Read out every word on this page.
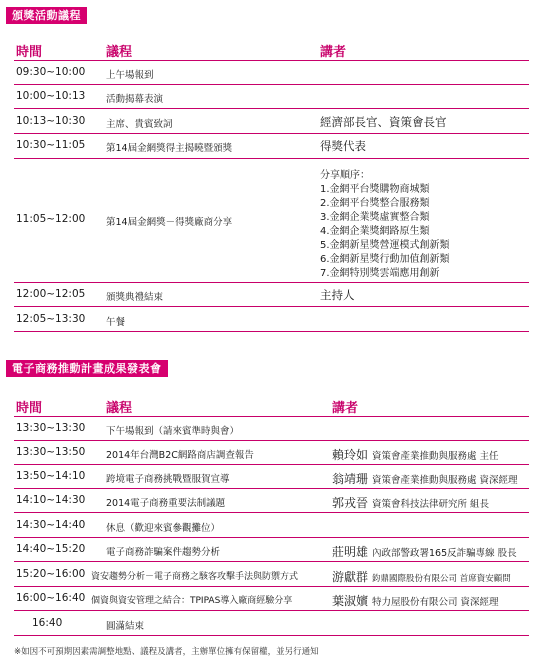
頒獎活動議程
時間	議程	講者
09:30~10:00 上午場報到
10:00~10:13 活動揭幕表演
10:13~10:30 主席、貴賓致詞	經濟部長官、資策會長官
10:30~11:05 第14屆金網獎得主揭曉暨頒獎	得獎代表
11:05~12:00 第14屆金網獎－得獎廠商分享
分享順序：
1.金網平台獎購物商城類
2.金網平台獎整合服務類
3.金網企業獎虛實整合類
4.金網企業獎網路原生類
5.金網新星獎營運模式創新類
6.金網新星獎行動加值創新類
7.金網特別獎雲端應用創新
12:00~12:05 頒獎典禮結束	主持人
12:05~13:30 午餐
電子商務推動計畫成果發表會
時間	議程	講者
13:30~13:30 下午場報到（請來賓準時與會）
13:30~13:50 2014年台灣B2C網路商店調查報告	賴玲如 資策會產業推動與服務處 主任
13:50~14:10 跨境電子商務挑戰暨服賀宣導	翁靖珊 資策會產業推動與服務處 資深經理
14:10~14:30 2014電子商務重要法制議題	郭戎晉 資策會科技法律研究所 組長
14:30~14:40 休息（歡迎來賓參觀攤位）
14:40~15:20 電子商務詐騙案件趨勢分析	莊明雄 內政部警政署165反詐騙專線 股長
15:20~16:00 資安趨勢分析－電子商務之駭客攻擊手法與防禦方式	游獻群 鈞鼎國際股份有限公司 首席資安顧問
16:00~16:40 個資與資安管理之結合：TPIPAS導入廠商經驗分享	葉淑嬪 特力屋股份有限公司 資深經理
16:40	圓滿結束
※如因不可預期因素需調整地點、議程及講者，主辦單位擁有保留權，並另行通知
